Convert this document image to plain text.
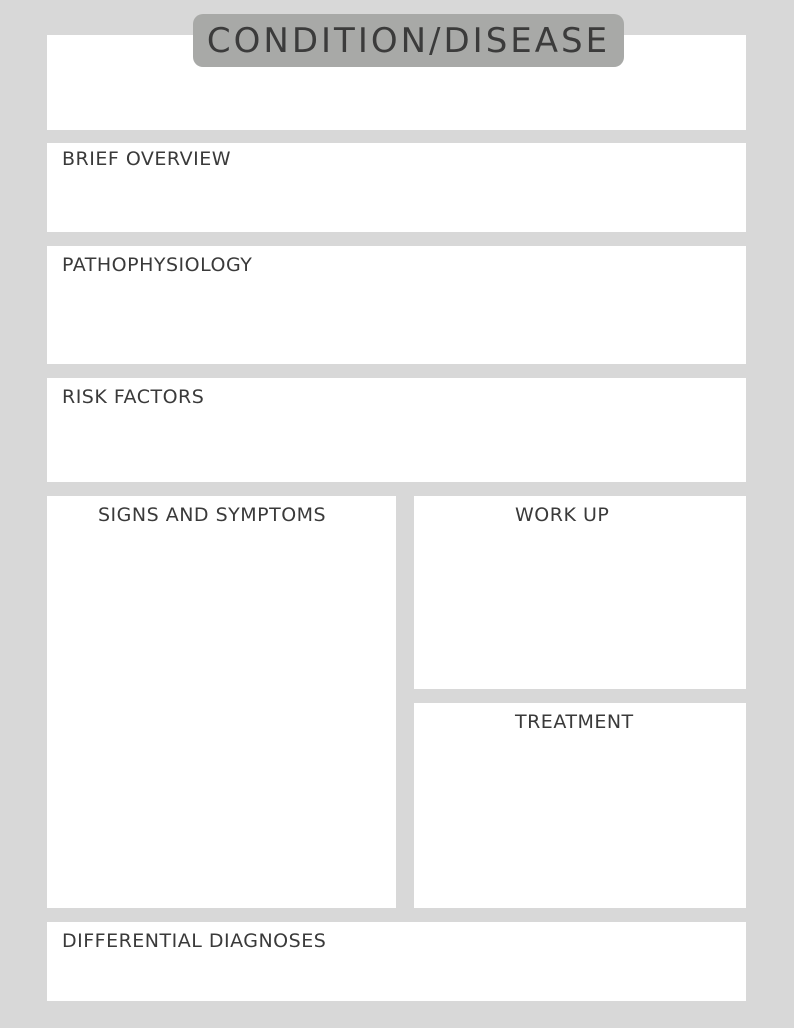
CONDITION/DISEASE
BRIEF OVERVIEW
PATHOPHYSIOLOGY
RISK FACTORS
SIGNS AND SYMPTOMS	WORK UP
TREATMENT
DIFFERENTIAL DIAGNOSES
